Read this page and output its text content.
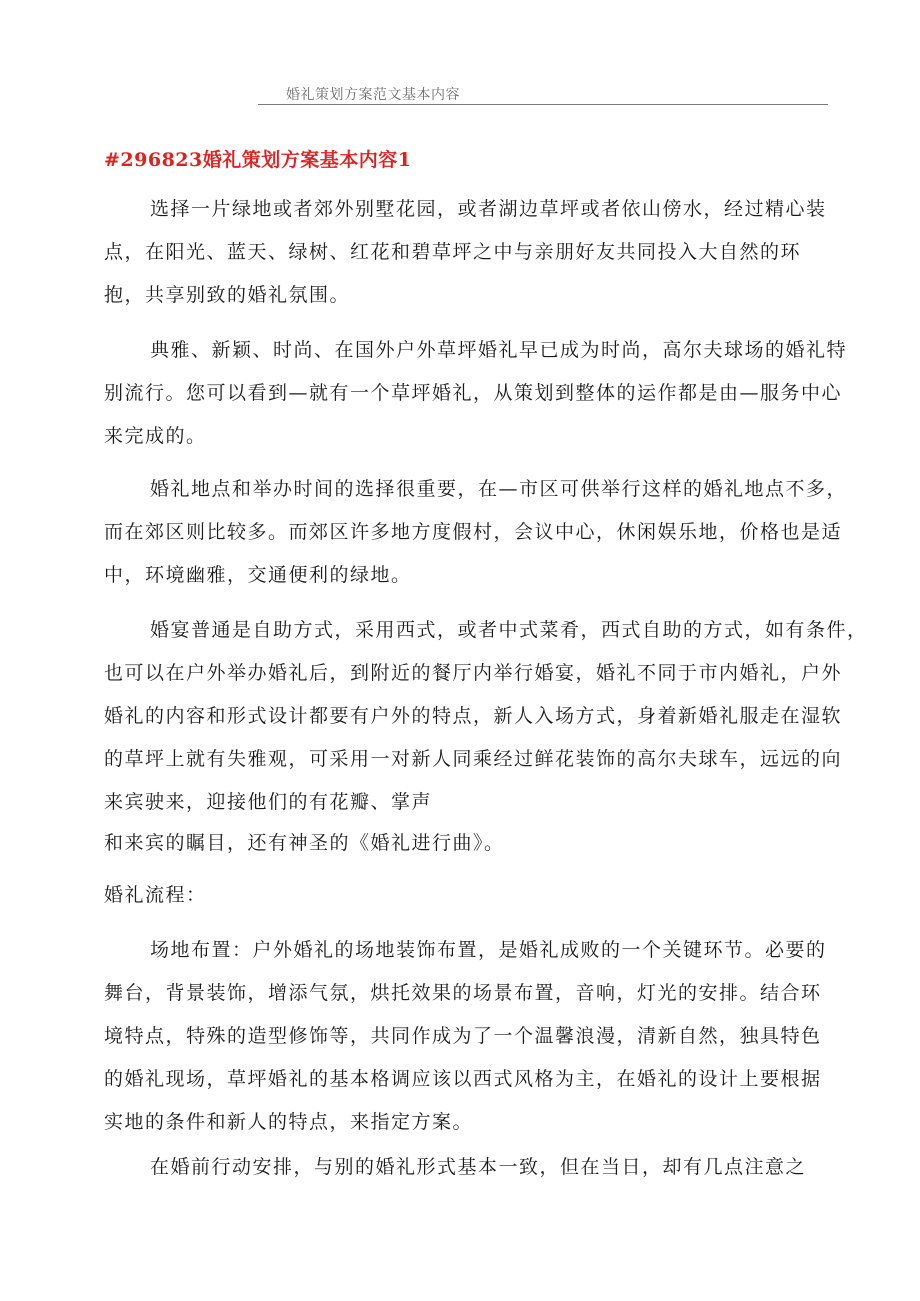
婚礼策划方案范文基本内容
#296823婚礼策划方案基本内容1
选择一片绿地或者郊外别墅花园，或者湖边草坪或者依山傍水，经过精心装
点，在阳光、蓝天、绿树、红花和碧草坪之中与亲朋好友共同投入大自然的环
抱，共享别致的婚礼氛围。
典雅、新颖、时尚、在国外户外草坪婚礼早已成为时尚，高尔夫球场的婚礼特
别流行。您可以看到—就有一个草坪婚礼，从策划到整体的运作都是由—服务中心
来完成的。
婚礼地点和举办时间的选择很重要，在—市区可供举行这样的婚礼地点不多，
而在郊区则比较多。而郊区许多地方度假村，会议中心，休闲娱乐地，价格也是适
中，环境幽雅，交通便利的绿地。
婚宴普通是自助方式，采用西式，或者中式菜肴，西式自助的方式，如有条件，
也可以在户外举办婚礼后，到附近的餐厅内举行婚宴，婚礼不同于市内婚礼，户外
婚礼的内容和形式设计都要有户外的特点，新人入场方式，身着新婚礼服走在湿软
的草坪上就有失雅观，可采用一对新人同乘经过鲜花装饰的高尔夫球车，远远的向
来宾驶来，迎接他们的有花瓣、掌声
和来宾的瞩目，还有神圣的《婚礼进行曲》。
婚礼流程：
场地布置：户外婚礼的场地装饰布置，是婚礼成败的一个关键环节。必要的
舞台，背景装饰，增添气氛，烘托效果的场景布置，音响，灯光的安排。结合环
境特点，特殊的造型修饰等，共同作成为了一个温馨浪漫，清新自然，独具特色
的婚礼现场，草坪婚礼的基本格调应该以西式风格为主，在婚礼的设计上要根据
实地的条件和新人的特点，来指定方案。
在婚前行动安排，与别的婚礼形式基本一致，但在当日，却有几点注意之
